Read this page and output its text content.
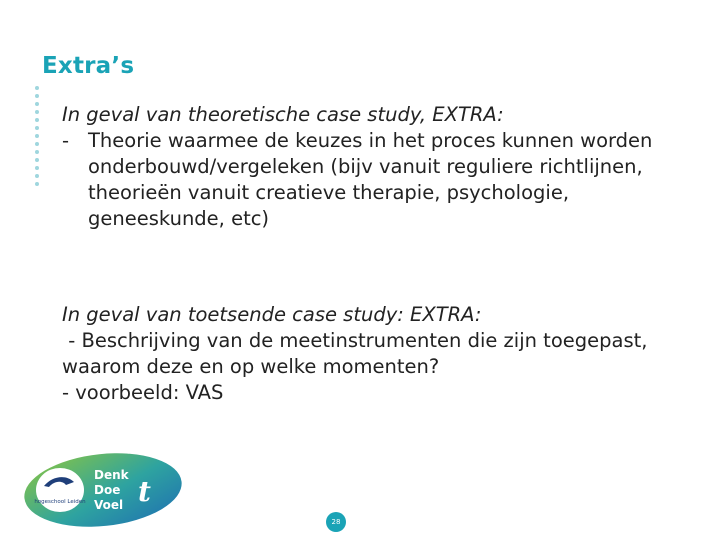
Extra’s
In geval van theoretische case study, EXTRA:
- Theorie waarmee de keuzes in het proces kunnen worden onderbouwd/vergeleken (bijv vanuit reguliere richtlijnen, theorieën vanuit creatieve therapie, psychologie, geneeskunde, etc)
In geval van toetsende case study: EXTRA:
- Beschrijving van de meetinstrumenten die zijn toegepast, waarom deze en op welke momenten?
- voorbeeld: VAS
hogeschool Leiden
Denk
Doe
Voel t
28
